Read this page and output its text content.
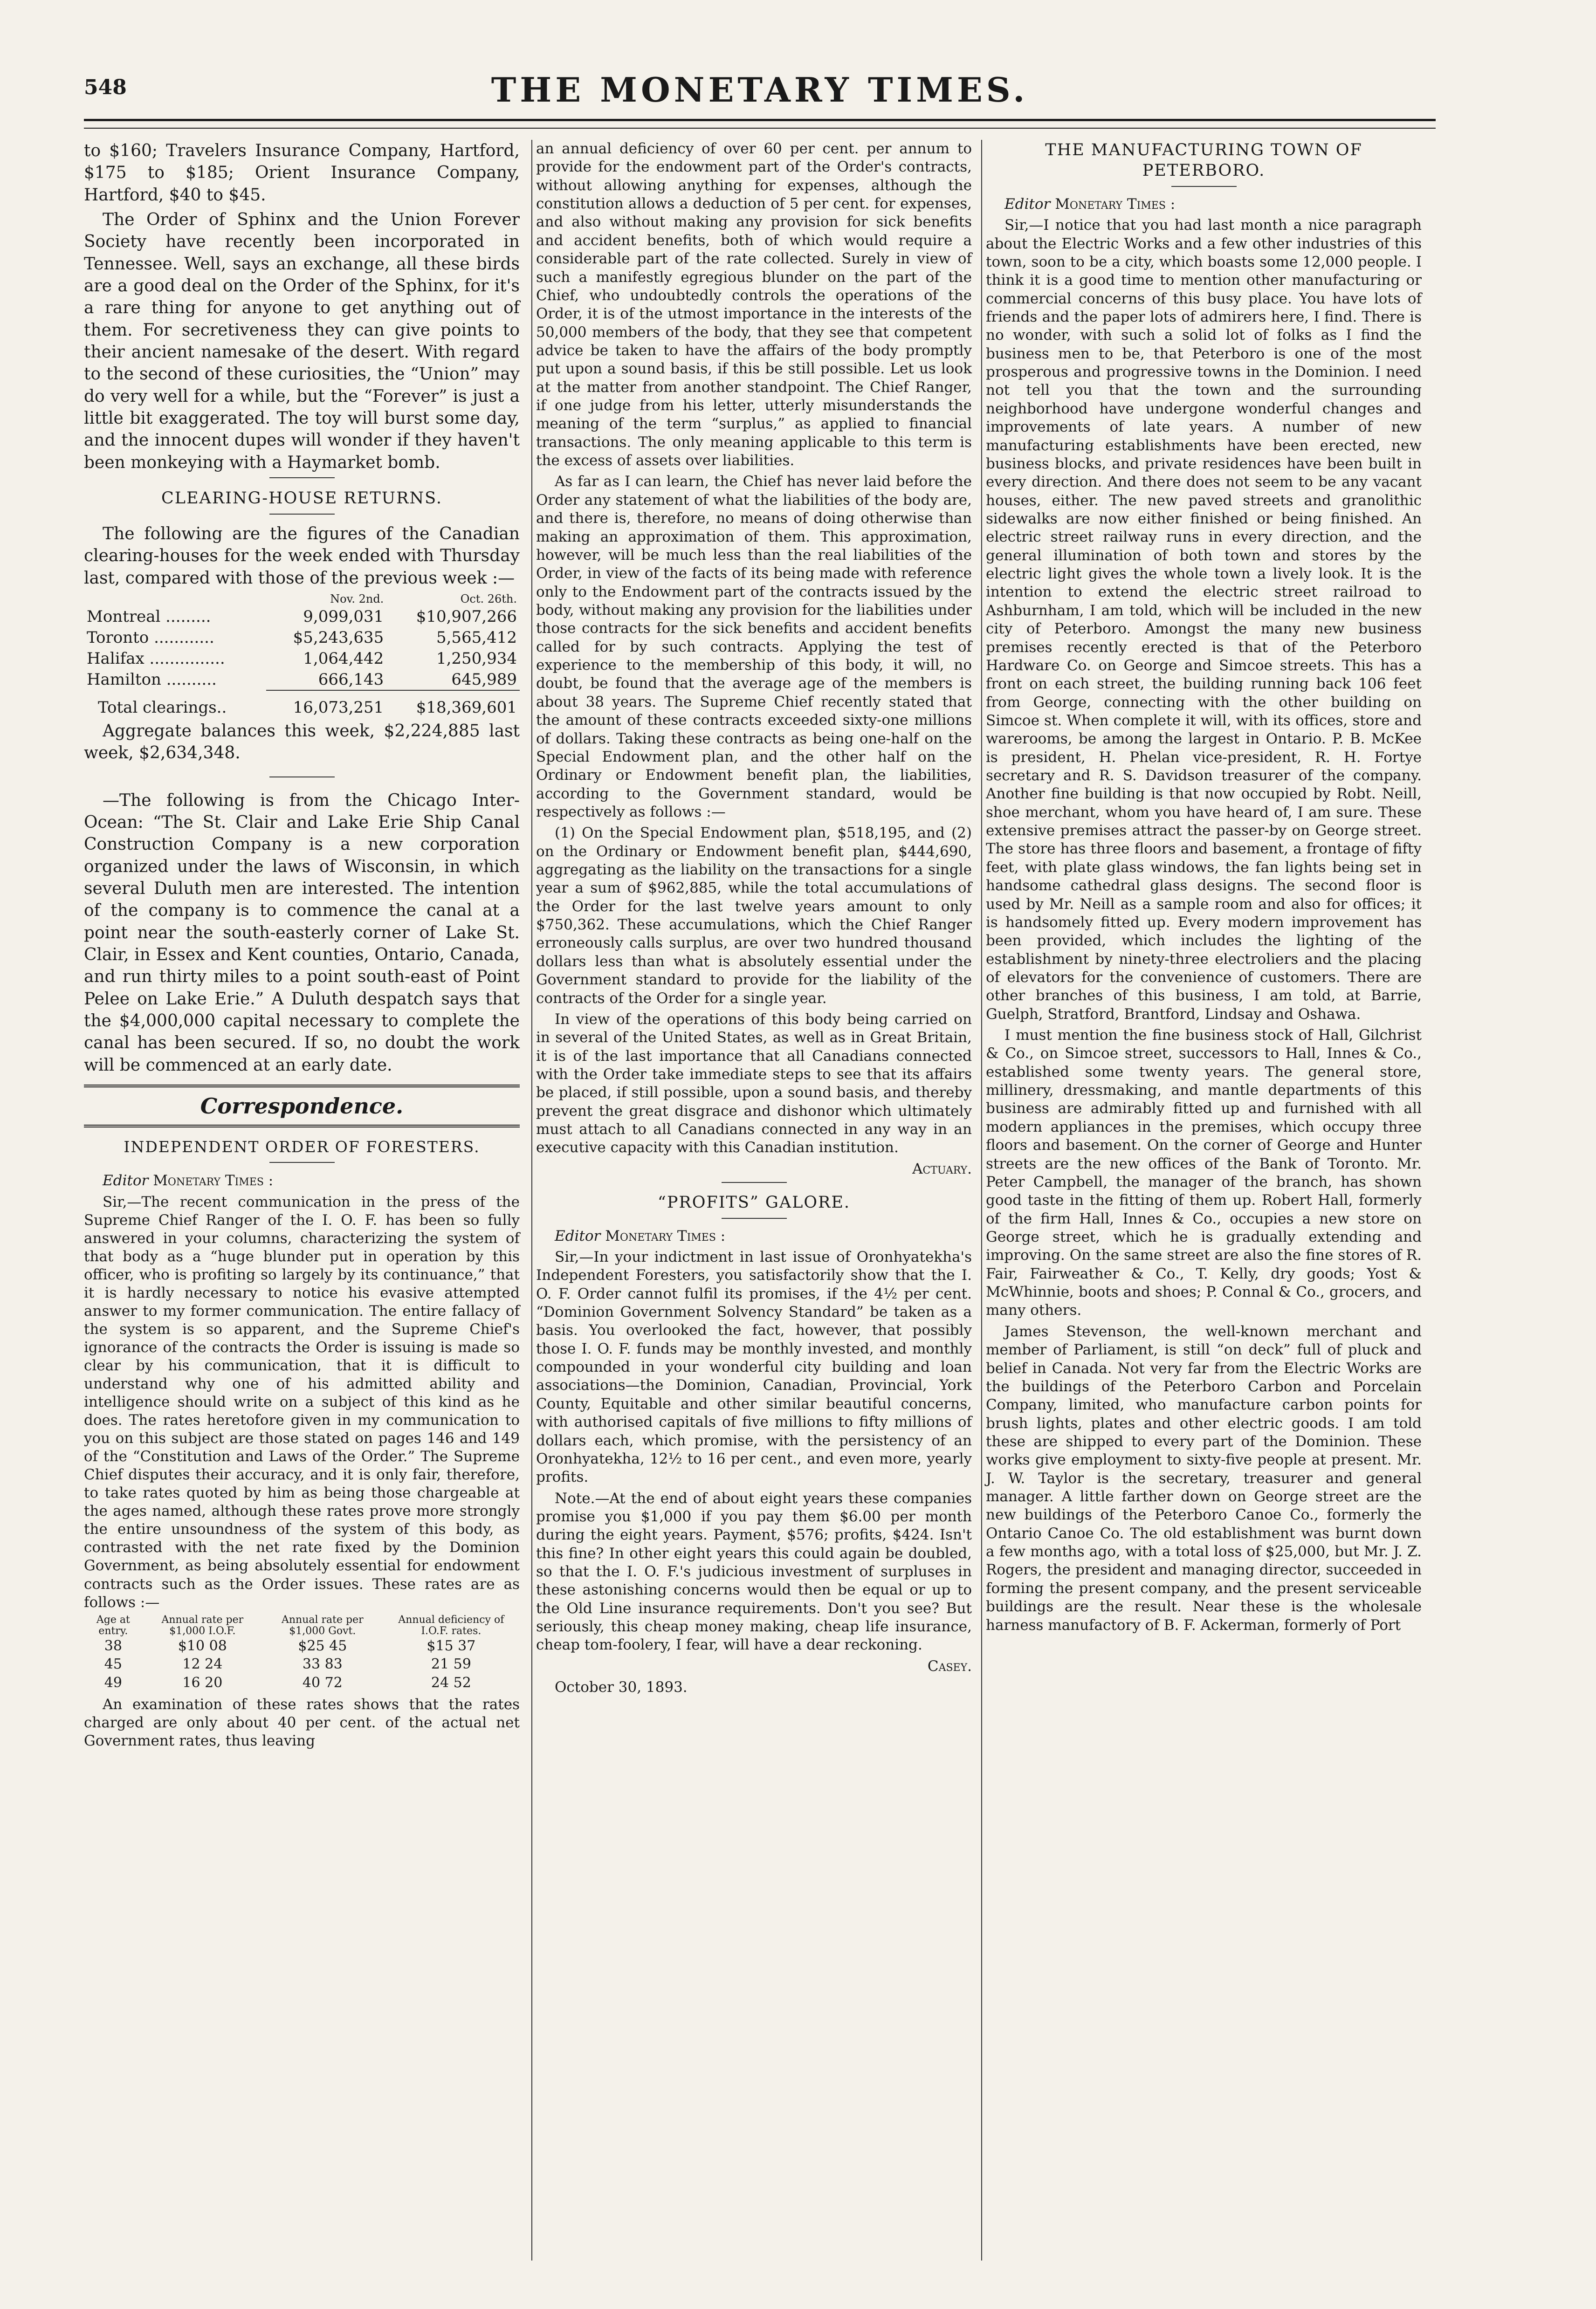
548	THE MONETARY TIMES.

to $160; Travelers Insurance Company, Hartford, $175 to $185; Orient Insurance Company, Hartford, $40 to $45.

The Order of Sphinx and the Union Forever Society have recently been incorporated in Tennessee. Well, says an exchange, all these birds are a good deal on the Order of the Sphinx, for it's a rare thing for anyone to get anything out of them. For secretiveness they can give points to their ancient namesake of the desert. With regard to the second of these curiosities, the “Union” may do very well for a while, but the “Forever” is just a little bit exaggerated. The toy will burst some day, and the innocent dupes will wonder if they haven't been monkeying with a Haymarket bomb.

CLEARING-HOUSE RETURNS.

The following are the figures of the Canadian clearing-houses for the week ended with Thursday last, compared with those of the previous week :—

	Nov. 2nd.	Oct. 26th.
Montreal .........	9,099,031	$10,907,266
Toronto ............	$5,243,635	5,565,412
Halifax ...............	1,064,442	1,250,934
Hamilton ..........	666,143	645,989
Total clearings..	16,073,251	$18,369,601

Aggregate balances this week, $2,224,885 last week, $2,634,348.

—The following is from the Chicago Inter-Ocean: “The St. Clair and Lake Erie Ship Canal Construction Company is a new corporation organized under the laws of Wisconsin, in which several Duluth men are interested. The intention of the company is to commence the canal at a point near the south-easterly corner of Lake St. Clair, in Essex and Kent counties, Ontario, Canada, and run thirty miles to a point south-east of Point Pelee on Lake Erie.” A Duluth despatch says that the $4,000,000 capital necessary to complete the canal has been secured. If so, no doubt the work will be commenced at an early date.

Correspondence.
INDEPENDENT ORDER OF FORESTERS.

Editor Monetary Times :

Sir,—The recent communication in the press of the Supreme Chief Ranger of the I. O. F. has been so fully answered in your columns, characterizing the system of that body as a “huge blunder put in operation by this officer, who is profiting so largely by its continuance,” that it is hardly necessary to notice his evasive attempted answer to my former communication. The entire fallacy of the system is so apparent, and the Supreme Chief's ignorance of the contracts the Order is issuing is made so clear by his communication, that it is difficult to understand why one of his admitted ability and intelligence should write on a subject of this kind as he does. The rates heretofore given in my communication to you on this subject are those stated on pages 146 and 149 of the “Constitution and Laws of the Order.” The Supreme Chief disputes their accuracy, and it is only fair, therefore, to take rates quoted by him as being those chargeable at the ages named, although these rates prove more strongly the entire unsoundness of the system of this body, as contrasted with the net rate fixed by the Dominion Government, as being absolutely essential for endowment contracts such as the Order issues. These rates are as follows :—

Age at entry.	Annual rate per $1,000 I.O.F.	Annual rate per $1,000 Govt.	Annual deficiency of I.O.F. rates.
38	$10 08	$25 45	$15 37
45	12 24	33 83	21 59
49	16 20	40 72	24 52

An examination of these rates shows that the rates charged are only about 40 per cent. of the actual net Government rates, thus leaving

an annual deficiency of over 60 per cent. per annum to provide for the endowment part of the Order's contracts, without allowing anything for expenses, although the constitution allows a deduction of 5 per cent. for expenses, and also without making any provision for sick benefits and accident benefits, both of which would require a considerable part of the rate collected. Surely in view of such a manifestly egregious blunder on the part of the Chief, who undoubtedly controls the operations of the Order, it is of the utmost importance in the interests of the 50,000 members of the body, that they see that competent advice be taken to have the affairs of the body promptly put upon a sound basis, if this be still possible. Let us look at the matter from another standpoint. The Chief Ranger, if one judge from his letter, utterly misunderstands the meaning of the term “surplus,” as applied to financial transactions. The only meaning applicable to this term is the excess of assets over liabilities.

As far as I can learn, the Chief has never laid before the Order any statement of what the liabilities of the body are, and there is, therefore, no means of doing otherwise than making an approximation of them. This approximation, however, will be much less than the real liabilities of the Order, in view of the facts of its being made with reference only to the Endowment part of the contracts issued by the body, without making any provision for the liabilities under those contracts for the sick benefits and accident benefits called for by such contracts. Applying the test of experience to the membership of this body, it will, no doubt, be found that the average age of the members is about 38 years. The Supreme Chief recently stated that the amount of these contracts exceeded sixty-one millions of dollars. Taking these contracts as being one-half on the Special Endowment plan, and the other half on the Ordinary or Endowment benefit plan, the liabilities, according to the Government standard, would be respectively as follows :—

(1) On the Special Endowment plan, $518,195, and (2) on the Ordinary or Endowment benefit plan, $444,690, aggregating as the liability on the transactions for a single year a sum of $962,885, while the total accumulations of the Order for the last twelve years amount to only $750,362. These accumulations, which the Chief Ranger erroneously calls surplus, are over two hundred thousand dollars less than what is absolutely essential under the Government standard to provide for the liability of the contracts of the Order for a single year.

In view of the operations of this body being carried on in several of the United States, as well as in Great Britain, it is of the last importance that all Canadians connected with the Order take immediate steps to see that its affairs be placed, if still possible, upon a sound basis, and thereby prevent the great disgrace and dishonor which ultimately must attach to all Canadians connected in any way in an executive capacity with this Canadian institution.

Actuary.

“PROFITS” GALORE.

Editor Monetary Times :

Sir,—In your indictment in last issue of Oronhyatekha's Independent Foresters, you satisfactorily show that the I. O. F. Order cannot fulfil its promises, if the 4½ per cent. “Dominion Government Solvency Standard” be taken as a basis. You overlooked the fact, however, that possibly those I. O. F. funds may be monthly invested, and monthly compounded in your wonderful city building and loan associations—the Dominion, Canadian, Provincial, York County, Equitable and other similar beautiful concerns, with authorised capitals of five millions to fifty millions of dollars each, which promise, with the persistency of an Oronhyatekha, 12½ to 16 per cent., and even more, yearly profits.

Note.—At the end of about eight years these companies promise you $1,000 if you pay them $6.00 per month during the eight years. Payment, $576; profits, $424. Isn't this fine? In other eight years this could again be doubled, so that the I. O. F.'s judicious investment of surpluses in these astonishing concerns would then be equal or up to the Old Line insurance requirements. Don't you see? But seriously, this cheap money making, cheap life insurance, cheap tom-foolery, I fear, will have a dear reckoning.

Casey.

October 30, 1893.

THE MANUFACTURING TOWN OF PETERBORO.

Editor Monetary Times :

Sir,—I notice that you had last month a nice paragraph about the Electric Works and a few other industries of this town, soon to be a city, which boasts some 12,000 people. I think it is a good time to mention other manufacturing or commercial concerns of this busy place. You have lots of friends and the paper lots of admirers here, I find. There is no wonder, with such a solid lot of folks as I find the business men to be, that Peterboro is one of the most prosperous and progressive towns in the Dominion. I need not tell you that the town and the surrounding neighborhood have undergone wonderful changes and improvements of late years. A number of new manufacturing establishments have been erected, new business blocks, and private residences have been built in every direction. And there does not seem to be any vacant houses, either. The new paved streets and granolithic sidewalks are now either finished or being finished. An electric street railway runs in every direction, and the general illumination of both town and stores by the electric light gives the whole town a lively look. It is the intention to extend the electric street railroad to Ashburnham, I am told, which will be included in the new city of Peterboro. Amongst the many new business premises recently erected is that of the Peterboro Hardware Co. on George and Simcoe streets. This has a front on each street, the building running back 106 feet from George, connecting with the other building on Simcoe st. When complete it will, with its offices, store and warerooms, be among the largest in Ontario. P. B. McKee is president, H. Phelan vice-president, R. H. Fortye secretary and R. S. Davidson treasurer of the company. Another fine building is that now occupied by Robt. Neill, shoe merchant, whom you have heard of, I am sure. These extensive premises attract the passer-by on George street. The store has three floors and basement, a frontage of fifty feet, with plate glass windows, the fan lights being set in handsome cathedral glass designs. The second floor is used by Mr. Neill as a sample room and also for offices; it is handsomely fitted up. Every modern improvement has been provided, which includes the lighting of the establishment by ninety-three electroliers and the placing of elevators for the convenience of customers. There are other branches of this business, I am told, at Barrie, Guelph, Stratford, Brantford, Lindsay and Oshawa.

I must mention the fine business stock of Hall, Gilchrist & Co., on Simcoe street, successors to Hall, Innes & Co., established some twenty years. The general store, millinery, dressmaking, and mantle departments of this business are admirably fitted up and furnished with all modern appliances in the premises, which occupy three floors and basement. On the corner of George and Hunter streets are the new offices of the Bank of Toronto. Mr. Peter Campbell, the manager of the branch, has shown good taste in the fitting of them up. Robert Hall, formerly of the firm Hall, Innes & Co., occupies a new store on George street, which he is gradually extending and improving. On the same street are also the fine stores of R. Fair, Fairweather & Co., T. Kelly, dry goods; Yost & McWhinnie, boots and shoes; P. Connal & Co., grocers, and many others.

James Stevenson, the well-known merchant and member of Parliament, is still “on deck” full of pluck and belief in Canada. Not very far from the Electric Works are the buildings of the Peterboro Carbon and Porcelain Company, limited, who manufacture carbon points for brush lights, plates and other electric goods. I am told these are shipped to every part of the Dominion. These works give employment to sixty-five people at present. Mr. J. W. Taylor is the secretary, treasurer and general manager. A little farther down on George street are the new buildings of the Peterboro Canoe Co., formerly the Ontario Canoe Co. The old establishment was burnt down a few months ago, with a total loss of $25,000, but Mr. J. Z. Rogers, the president and managing director, succeeded in forming the present company, and the present serviceable buildings are the result. Near these is the wholesale harness manufactory of B. F. Ackerman, formerly of Port
